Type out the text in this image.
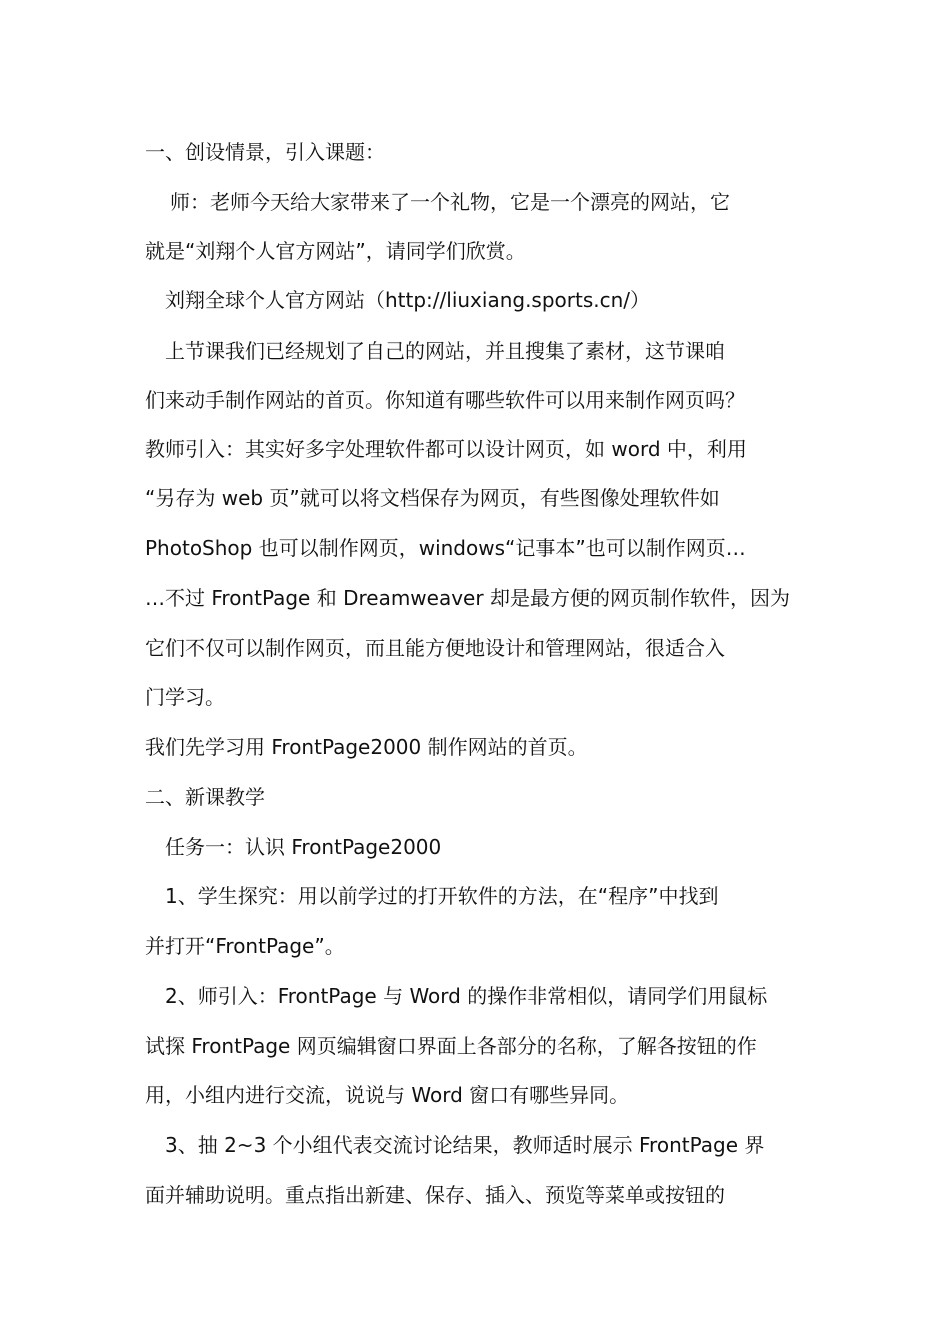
一、创设情景，引入课题：
师：老师今天给大家带来了一个礼物，它是一个漂亮的网站，它
就是“刘翔个人官方网站”，请同学们欣赏。
刘翔全球个人官方网站（http://liuxiang.sports.cn/）
上节课我们已经规划了自己的网站，并且搜集了素材，这节课咱
们来动手制作网站的首页。你知道有哪些软件可以用来制作网页吗？
教师引入：其实好多字处理软件都可以设计网页，如 word 中，利用
“另存为 web 页”就可以将文档保存为网页，有些图像处理软件如
PhotoShop 也可以制作网页，windows“记事本”也可以制作网页…
…不过 FrontPage 和 Dreamweaver 却是最方便的网页制作软件，因为
它们不仅可以制作网页，而且能方便地设计和管理网站，很适合入
门学习。
我们先学习用 FrontPage2000 制作网站的首页。
二、新课教学
任务一：认识 FrontPage2000
1、学生探究：用以前学过的打开软件的方法，在“程序”中找到
并打开“FrontPage”。
2、师引入：FrontPage 与 Word 的操作非常相似，请同学们用鼠标
试探 FrontPage 网页编辑窗口界面上各部分的名称，了解各按钮的作
用，小组内进行交流，说说与 Word 窗口有哪些异同。
3、抽 2~3 个小组代表交流讨论结果，教师适时展示 FrontPage 界
面并辅助说明。重点指出新建、保存、插入、预览等菜单或按钮的
